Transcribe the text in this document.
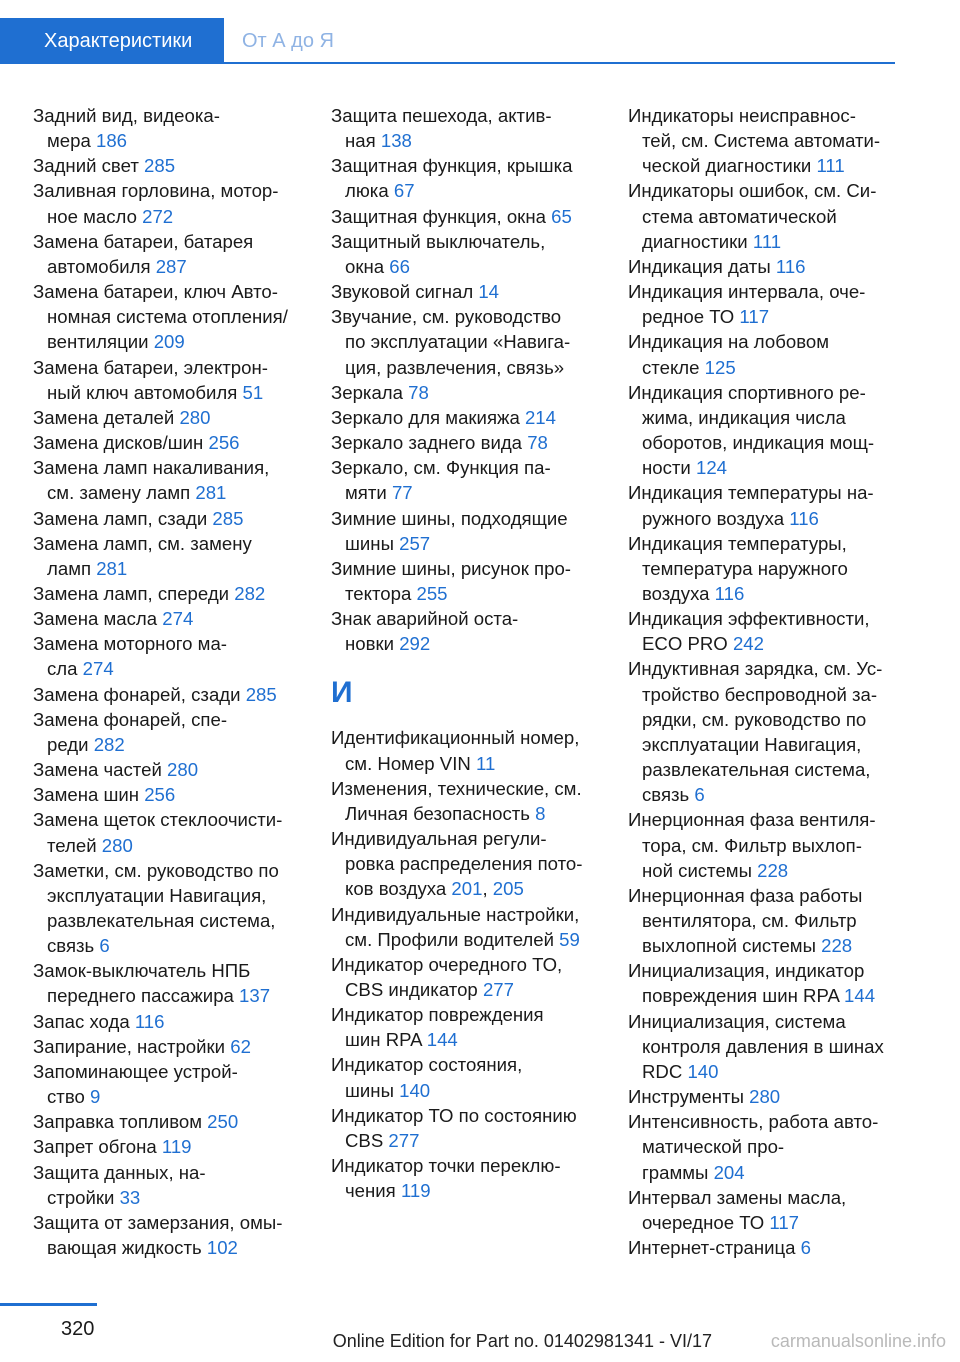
Характеристики	От А до Я
Задний вид, видеока-
мера 186
Задний свет 285
Заливная горловина, мотор-
ное масло 272
Замена батареи, батарея
автомобиля 287
Замена батареи, ключ Авто-
номная система отопления/
вентиляции 209
Замена батареи, электрон-
ный ключ автомобиля 51
Замена деталей 280
Замена дисков/шин 256
Замена ламп накаливания,
см. замену ламп 281
Замена ламп, сзади 285
Замена ламп, см. замену
ламп 281
Замена ламп, спереди 282
Замена масла 274
Замена моторного ма-
сла 274
Замена фонарей, сзади 285
Замена фонарей, спе-
реди 282
Замена частей 280
Замена шин 256
Замена щеток стеклоочисти-
телей 280
Заметки, см. руководство по
эксплуатации Навигация,
развлекательная система,
связь 6
Замок-выключатель НПБ
переднего пассажира 137
Запас хода 116
Запирание, настройки 62
Запоминающее устрой-
ство 9
Заправка топливом 250
Запрет обгона 119
Защита данных, на-
стройки 33
Защита от замерзания, омы-
вающая жидкость 102
Защита пешехода, актив-
ная 138
Защитная функция, крышка
люка 67
Защитная функция, окна 65
Защитный выключатель,
окна 66
Звуковой сигнал 14
Звучание, см. руководство
по эксплуатации «Навига-
ция, развлечения, связь»
Зеркала 78
Зеркало для макияжа 214
Зеркало заднего вида 78
Зеркало, см. Функция па-
мяти 77
Зимние шины, подходящие
шины 257
Зимние шины, рисунок про-
тектора 255
Знак аварийной оста-
новки 292
И
Идентификационный номер,
см. Номер VIN 11
Изменения, технические, см.
Личная безопасность 8
Индивидуальная регули-
ровка распределения пото-
ков воздуха 201, 205
Индивидуальные настройки,
см. Профили водителей 59
Индикатор очередного ТО,
CBS индикатор 277
Индикатор повреждения
шин RPA 144
Индикатор состояния,
шины 140
Индикатор ТО по состоянию
CBS 277
Индикатор точки переклю-
чения 119
Индикаторы неисправнос-
тей, см. Система автомати-
ческой диагностики 111
Индикаторы ошибок, см. Си-
стема автоматической
диагностики 111
Индикация даты 116
Индикация интервала, оче-
редное ТО 117
Индикация на лобовом
стекле 125
Индикация спортивного ре-
жима, индикация числа
оборотов, индикация мощ-
ности 124
Индикация температуры на-
ружного воздуха 116
Индикация температуры,
температура наружного
воздуха 116
Индикация эффективности,
ECO PRO 242
Индуктивная зарядка, см. Ус-
тройство беспроводной за-
рядки, см. руководство по
эксплуатации Навигация,
развлекательная система,
связь 6
Инерционная фаза вентиля-
тора, см. Фильтр выхлоп-
ной системы 228
Инерционная фаза работы
вентилятора, см. Фильтр
выхлопной системы 228
Инициализация, индикатор
повреждения шин RPA 144
Инициализация, система
контроля давления в шинах
RDC 140
Инструменты 280
Интенсивность, работа авто-
матической про-
граммы 204
Интервал замены масла,
очередное ТО 117
Интернет-страница 6
320
Online Edition for Part no. 01402981341 - VI/17	carmanualsonline.info
